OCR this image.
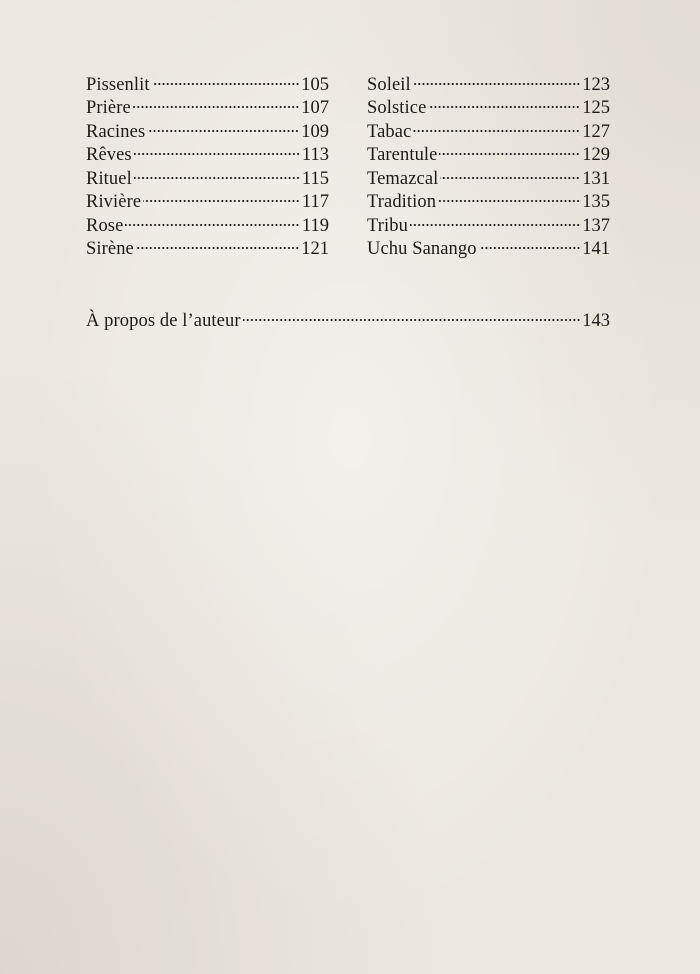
Pissenlit	105
Prière	107
Racines	109
Rêves	113
Rituel	115
Rivière	117
Rose	119
Sirène	121
Soleil	123
Solstice	125
Tabac	127
Tarentule	129
Temazcal	131
Tradition	135
Tribu	137
Uchu Sanango	141
À propos de l’auteur	143
